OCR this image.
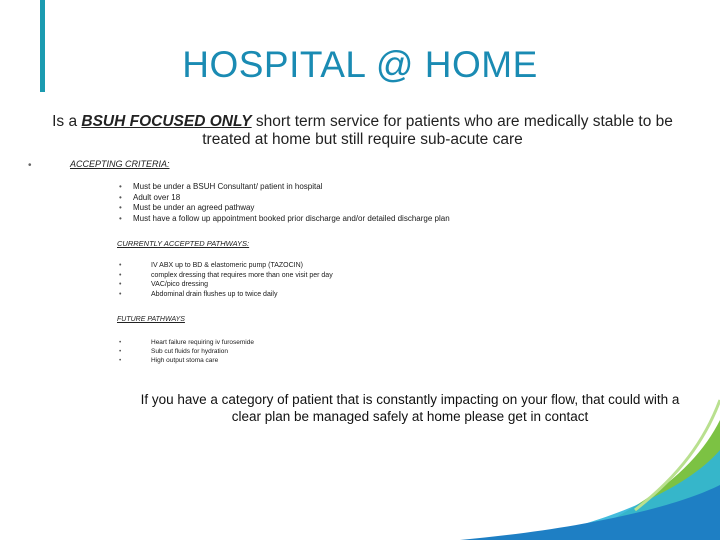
HOSPITAL @ HOME
Is a BSUH FOCUSED ONLY short term service for patients who are medically stable to be treated at home but still require sub-acute care
•	ACCEPTING CRITERIA:
• Must be under a BSUH Consultant/ patient in hospital
• Adult over 18
• Must be under an agreed pathway
• Must have a follow up appointment booked prior discharge and/or detailed discharge plan
CURRENTLY ACCEPTED PATHWAYS:
•	IV ABX up to BD & elastomeric pump (TAZOCIN)
•	complex dressing that requires more than one visit per day
•	VAC/pico dressing
•	Abdominal drain flushes up to twice daily
FUTURE PATHWAYS
•	Heart failure requiring iv furosemide
•	Sub cut fluids for hydration
•	High output stoma care
If you have a category of patient that is constantly impacting on your flow, that could with a clear plan be managed safely at home please get in contact
